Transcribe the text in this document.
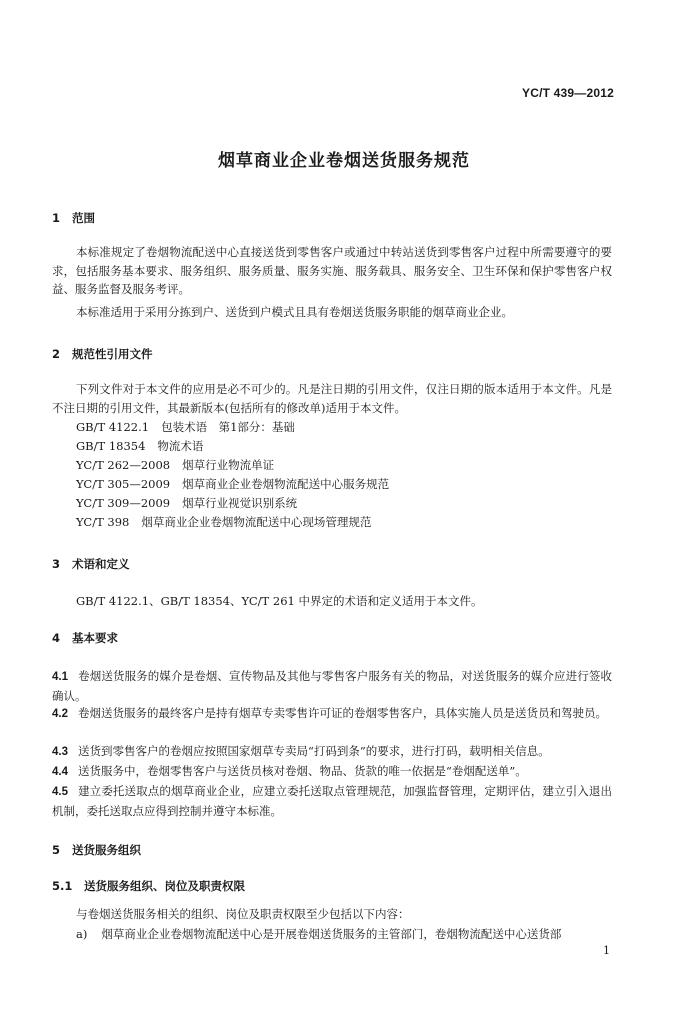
YC/T 439—2012
烟草商业企业卷烟送货服务规范
1 范围
本标准规定了卷烟物流配送中心直接送货到零售客户或通过中转站送货到零售客户过程中所需要遵守的要求，包括服务基本要求、服务组织、服务质量、服务实施、服务载具、服务安全、卫生环保和保护零售客户权益、服务监督及服务考评。
本标准适用于采用分拣到户、送货到户模式且具有卷烟送货服务职能的烟草商业企业。
2 规范性引用文件
下列文件对于本文件的应用是必不可少的。凡是注日期的引用文件，仅注日期的版本适用于本文件。凡是不注日期的引用文件，其最新版本(包括所有的修改单)适用于本文件。
GB/T 4122.1 包装术语　第1部分：基础
GB/T 18354 物流术语
YC/T 262—2008 烟草行业物流单证
YC/T 305—2009 烟草商业企业卷烟物流配送中心服务规范
YC/T 309—2009 烟草行业视觉识别系统
YC/T 398 烟草商业企业卷烟物流配送中心现场管理规范
3 术语和定义
GB/T 4122.1、GB/T 18354、YC/T 261 中界定的术语和定义适用于本文件。
4 基本要求
4.1 卷烟送货服务的媒介是卷烟、宣传物品及其他与零售客户服务有关的物品，对送货服务的媒介应进行签收确认。
4.2 卷烟送货服务的最终客户是持有烟草专卖零售许可证的卷烟零售客户，具体实施人员是送货员和驾驶员。
4.3 送货到零售客户的卷烟应按照国家烟草专卖局“打码到条”的要求，进行打码，载明相关信息。
4.4 送货服务中，卷烟零售客户与送货员核对卷烟、物品、货款的唯一依据是“卷烟配送单”。
4.5 建立委托送取点的烟草商业企业，应建立委托送取点管理规范，加强监督管理，定期评估，建立引入退出机制，委托送取点应得到控制并遵守本标准。
5 送货服务组织
5.1 送货服务组织、岗位及职责权限
与卷烟送货服务相关的组织、岗位及职责权限至少包括以下内容：
a) 烟草商业企业卷烟物流配送中心是开展卷烟送货服务的主管部门，卷烟物流配送中心送货部
1
